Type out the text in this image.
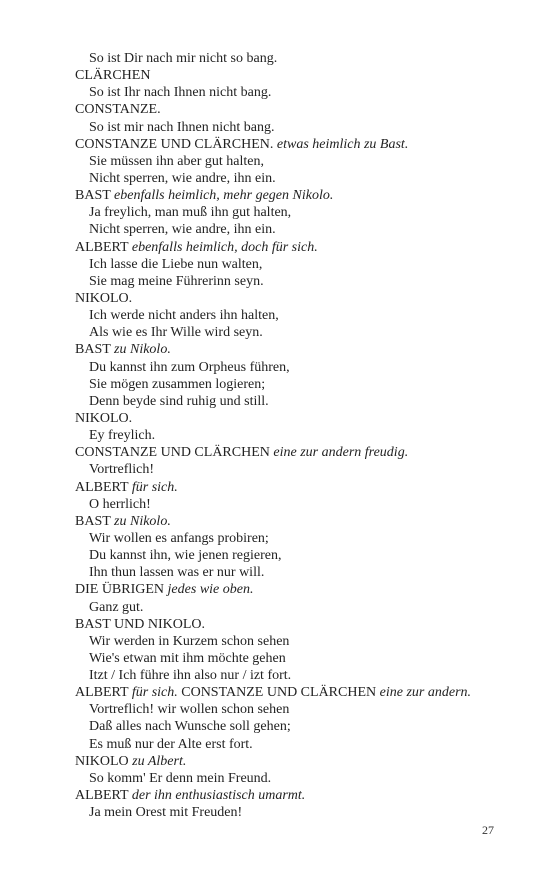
So ist Dir nach mir nicht so bang.
CLÄRCHEN
So ist Ihr nach Ihnen nicht bang.
CONSTANZE.
So ist mir nach Ihnen nicht bang.
CONSTANZE UND CLÄRCHEN. etwas heimlich zu Bast.
Sie müssen ihn aber gut halten,
Nicht sperren, wie andre, ihn ein.
BAST ebenfalls heimlich, mehr gegen Nikolo.
Ja freylich, man muß ihn gut halten,
Nicht sperren, wie andre, ihn ein.
ALBERT ebenfalls heimlich, doch für sich.
Ich lasse die Liebe nun walten,
Sie mag meine Führerinn seyn.
NIKOLO.
Ich werde nicht anders ihn halten,
Als wie es Ihr Wille wird seyn.
BAST zu Nikolo.
Du kannst ihn zum Orpheus führen,
Sie mögen zusammen logieren;
Denn beyde sind ruhig und still.
NIKOLO.
Ey freylich.
CONSTANZE UND CLÄRCHEN eine zur andern freudig.
Vortreflich!
ALBERT für sich.
O herrlich!
BAST zu Nikolo.
Wir wollen es anfangs probiren;
Du kannst ihn, wie jenen regieren,
Ihn thun lassen was er nur will.
DIE ÜBRIGEN jedes wie oben.
Ganz gut.
BAST UND NIKOLO.
Wir werden in Kurzem schon sehen
Wie's etwan mit ihm möchte gehen
Itzt / Ich führe ihn also nur / izt fort.
ALBERT für sich. CONSTANZE UND CLÄRCHEN eine zur andern.
Vortreflich! wir wollen schon sehen
Daß alles nach Wunsche soll gehen;
Es muß nur der Alte erst fort.
NIKOLO zu Albert.
So komm' Er denn mein Freund.
ALBERT der ihn enthusiastisch umarmt.
Ja mein Orest mit Freuden!
27
